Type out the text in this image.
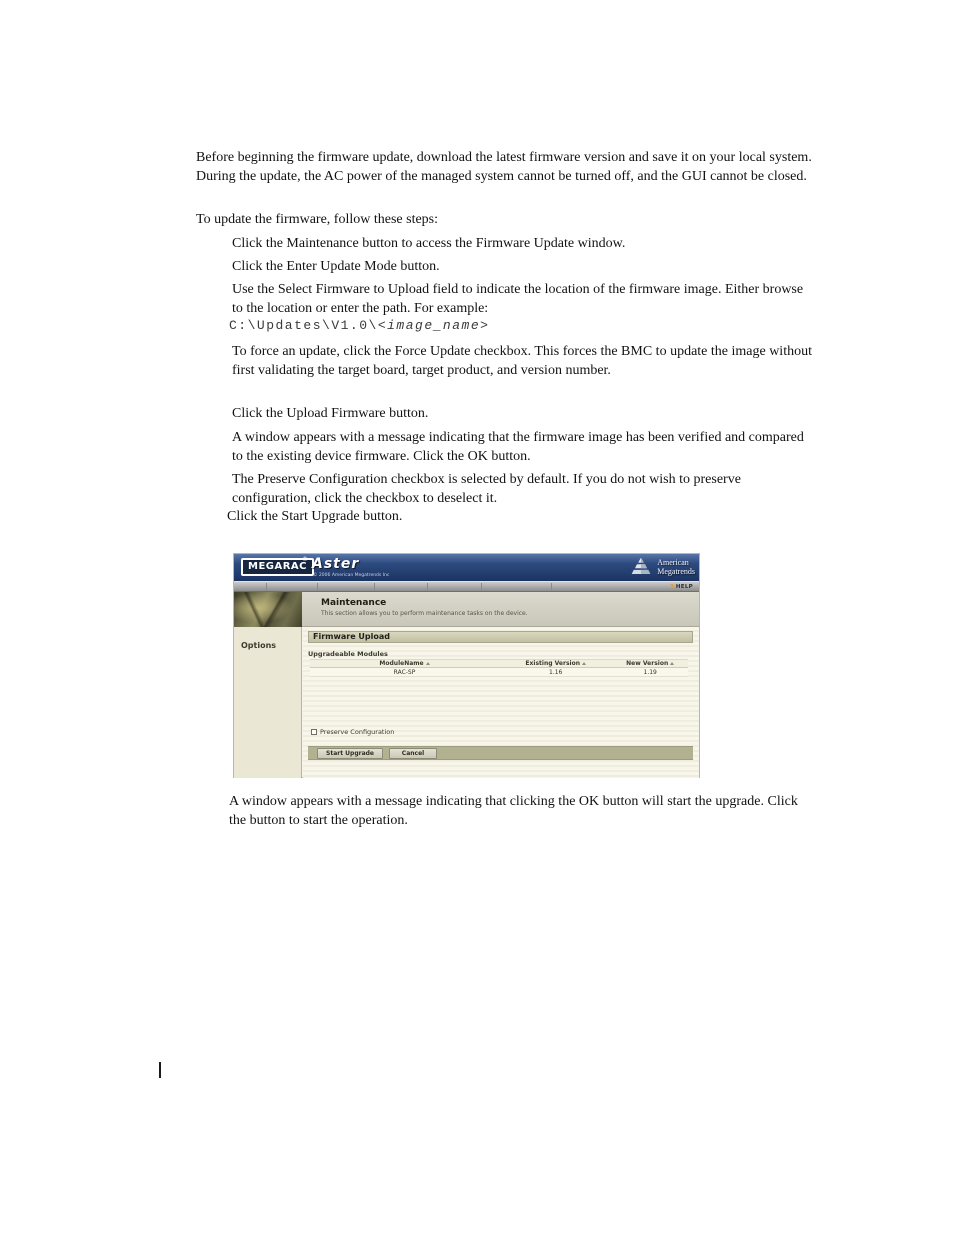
Before beginning the firmware update, download the latest firmware version and save it on your local system. During the update, the AC power of the managed system cannot be turned off, and the GUI cannot be closed.
To update the firmware, follow these steps:
Click the Maintenance button to access the Firmware Update window.
Click the Enter Update Mode button.
Use the Select Firmware to Upload field to indicate the location of the firmware image. Either browse to the location or enter the path. For example:
C:\Updates\V1.0\<image_name>
To force an update, click the Force Update checkbox. This forces the BMC to update the image without first validating the target board, target product, and version number.
Click the Upload Firmware button.
A window appears with a message indicating that the firmware image has been verified and compared to the existing device firmware. Click the OK button.
The Preserve Configuration checkbox is selected by default. If you do not wish to preserve configuration, click the checkbox to deselect it.
Click the Start Upgrade button.
MEGARAC
® Aster
© 2006 American Megatrends Inc
American
Megatrends
? HELP
Maintenance
This section allows you to perform maintenance tasks on the device.
Options
Firmware Upload
Upgradeable Modules
ModuleName	Existing Version	New Version
RAC-SP	1.16	1.19
Preserve Configuration
Start Upgrade	Cancel
A window appears with a message indicating that clicking the OK button will start the upgrade. Click the button to start the operation.
